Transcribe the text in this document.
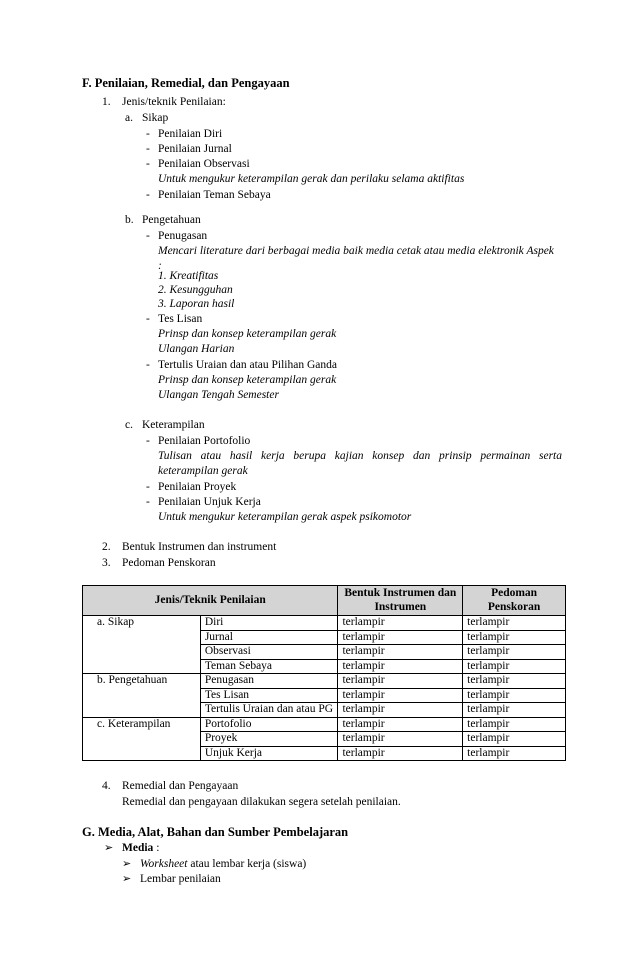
F. Penilaian, Remedial, dan Pengayaan
1. Jenis/teknik Penilaian:
a. Sikap
- Penilaian Diri
- Penilaian Jurnal
- Penilaian Observasi
Untuk mengukur keterampilan gerak dan perilaku selama aktifitas
- Penilaian Teman Sebaya
b. Pengetahuan
- Penugasan
Mencari literature dari berbagai media baik media cetak atau media elektronik Aspek
:
1. Kreatifitas
2. Kesungguhan
3. Laporan hasil
- Tes Lisan
Prinsp dan konsep keterampilan gerak
Ulangan Harian
- Tertulis Uraian dan atau Pilihan Ganda
Prinsp dan konsep keterampilan gerak
Ulangan Tengah Semester
c. Keterampilan
- Penilaian Portofolio
Tulisan atau hasil kerja berupa kajian konsep dan prinsip permainan serta
keterampilan gerak
- Penilaian Proyek
- Penilaian Unjuk Kerja
Untuk mengukur keterampilan gerak aspek psikomotor
2. Bentuk Instrumen dan instrument
3. Pedoman Penskoran
Jenis/Teknik Penilaian		Bentuk Instrumen dan Instrumen	Pedoman Penskoran
a. Sikap	Diri	terlampir	terlampir
	Jurnal	terlampir	terlampir
	Observasi	terlampir	terlampir
	Teman Sebaya	terlampir	terlampir
b. Pengetahuan	Penugasan	terlampir	terlampir
	Tes Lisan	terlampir	terlampir
	Tertulis Uraian dan atau PG	terlampir	terlampir
c. Keterampilan	Portofolio	terlampir	terlampir
	Proyek	terlampir	terlampir
	Unjuk Kerja	terlampir	terlampir
4. Remedial dan Pengayaan
Remedial dan pengayaan dilakukan segera setelah penilaian.
G. Media, Alat, Bahan dan Sumber Pembelajaran
➢ Media :
➢ Worksheet atau lembar kerja (siswa)
➢ Lembar penilaian
